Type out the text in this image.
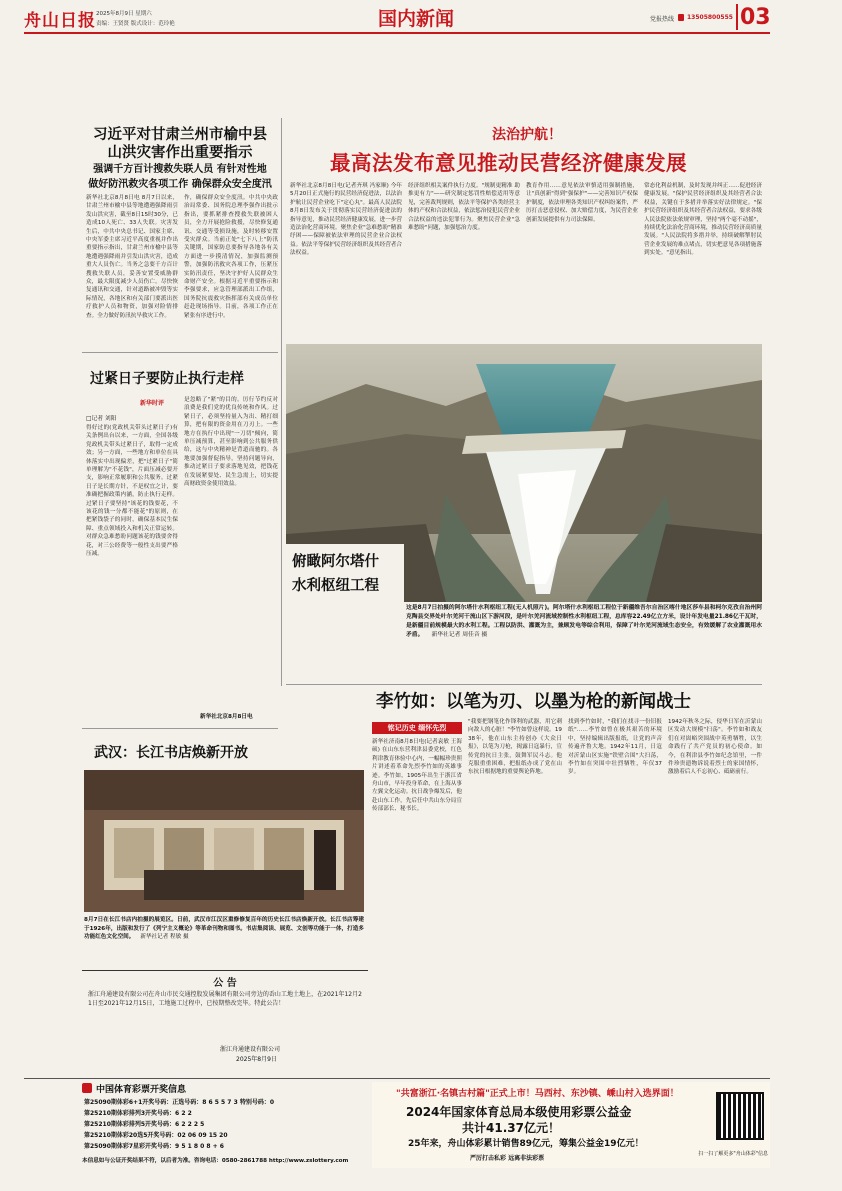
舟山日报 2025年8月9日 星期六
责编：王贤贤 版式设计：范玲艳	国内新闻	党报热线 13505800555 03
习近平对甘肃兰州市榆中县
山洪灾害作出重要指示
强调千方百计搜救失联人员 有针对性地
做好防汛救灾各项工作 确保群众安全度汛
新华社北京8月8日电 8月7日以来，甘肃兰州市榆中县等地遭遇强降雨引发山洪灾害，截至8日15时30分，已造成10人死亡、33人失联。灾害发生后，中共中央总书记、国家主席、中央军委主席习近平高度重视并作出重要指示指出，甘肃兰州市榆中县等地遭遇强降雨并引发山洪灾害，造成重大人员伤亡。当务之急要千方百计搜救失联人员，妥善安置受威胁群众，最大限度减少人员伤亡。尽快恢复通讯和交通，针对道路被冲毁等实际情况，各地区和有关部门要派出医疗救护人员和物资，加强对险情排查。全力做好防汛抗旱救灾工作。
作，确保群众安全度汛。中共中央政治局常委、国务院总理李强作出批示指出，要抓紧排查搜救失联被困人员，全力开展抢险救援，尽快修复通讯、交通等受损设施，及时转移安置受灾群众。当前正处"七下八上"防汛关键期，国家防总要指导各地各有关方面进一步摸清情况，加强监测预警，加强防汛救灾各项工作，压紧压实防汛责任，坚决守护好人民群众生命财产安全。根据习近平重要指示和李强要求，应急管理部派出工作组，国务院抗震救灾指挥部有关成员单位赶赴现场指导。目前，各项工作正在紧张有序进行中。
过紧日子要防止执行走样
新华时评
□记者 刘阳
得好过的(党政机关带头过紧日子)有关条例出台以来，一方面，全国各级党政机关带头过紧日子，取得一定成效；另一方面，一些地方和单位在具体落实中出现偏差，把"过紧日子"简单理解为"不花钱"，片面压减必要开支，影响正常履职和公共服务。过紧日子是长期方针，不是权宜之计，要准确把握政策内涵，防止执行走样。过紧日子要坚持"该花的钱要花，不该花的钱一分都不能花"的原则，在把紧钱袋子的同时，确保基本民生保障、重点领域投入和机关正常运转。对群众急难愁盼问题该花的钱要舍得花，对三公经费等一般性支出要严格压减。
是忽略了"紧"的目的。厉行节约反对浪费是我们党的优良传统和作风。过紧日子，必须坚持量入为出、精打细算，把有限的资金用在刀刃上。一些地方在执行中出现"一刀切"倾向，简单压减预算，甚至影响到公共服务供给，这与中央精神是背道而驰的。各地要加强督促指导，坚持问题导向，推动过紧日子要求落地见效，把钱花在发展紧要处、民生急需上，切实提高财政资金使用效益。
新华社北京8月8日电
法治护航！
最高法发布意见推动民营经济健康发展
新华社北京8月8日电(记者齐琪 冯家顺) 今年5月20日正式施行的民营经济促进法，以法治护航让民营企业吃下"定心丸"。最高人民法院8月8日发布关于贯彻落实民营经济促进法的指导意见，推动民营经济健康发展，进一步营造法治化营商环境。聚焦企业"急难愁盼"精准纾困——保障被依法审理的民营企业合法权益。依法平等保护民营经济组织及其经营者合法权益。
经济组织相关案件执行力度。"规制更精准 助推更有力"——研究制定惩罚性赔偿适用等意见，完善裁判规则，依法平等保护各类经营主体的产权和合法权益，依法惩治侵犯民营企业合法权益的违法犯罪行为。聚焦民营企业"急难愁盼"问题，加强惩治力度。
教育作用……意见依法审慎适用强制措施，让"真创新"得到"强保护"——完善知识产权保护制度，依法审理各类知识产权纠纷案件，严厉打击恶意侵权、加大赔偿力度，为民营企业创新发展提供有力司法保障。
常态化利益机制，及时发现并纠正……促进经济健康发展。"保护民营经济组织及其经营者合法权益，关键在于多措并举落实好法律规定。"保护民营经济组织及其经营者合法权益，要求各级人民法院依法依规审理，坚持"两个毫不动摇"，持续优化法治化营商环境，推动民营经济高质量发展。"人民法院将多措并举，持续破解掣肘民营企业发展的难点堵点，切实把意见各项措施落到实处。"意见指出。
俯瞰阿尔塔什
水利枢纽工程
这是8月7日拍摄的阿尔塔什水利枢纽工程(无人机照片)。阿尔塔什水利枢纽工程位于新疆维吾尔自治区喀什地区莎车县和柯尔克孜自治州阿克陶县交界处叶尔羌河干流山区下游河段，是叶尔羌河流域控制性水利枢纽工程，总库容22.49亿立方米，设计年发电量21.86亿千瓦时，是新疆目前规模最大的水利工程。工程以防洪、灌溉为主，兼顾发电等综合利用，保障了叶尔羌河流域生态安全，有效缓解了农业灌溉用水矛盾。 新华社记者 周佳音 摄
李竹如：以笔为刃、以墨为枪的新闻战士
铭记历史 缅怀先烈
新华社济南8月8日电(记者袁敏 王海硕) 在山东东营利津县委党校，红色利津教育体验中心内，一幅幅珍贵照片讲述着革命先烈李竹如的英雄事迹。李竹如，1905年出生于浙江省舟山市，早年投身革命，在上海从事左翼文化运动。抗日战争爆发后，他赴山东工作，先后任中共山东分局宣传部部长、秘书长。
"我要把钢笔化作锋利的武器，用它刺向敌人的心脏！"李竹如曾这样说。1938年，他在山东主持创办《大众日报》，以笔为刀枪，揭露日寇暴行，宣传党的抗日主张，鼓舞军民斗志。他克服重重困难，把报纸办成了党在山东抗日根据地的重要舆论阵地。
找到李竹如时，"我们在找寻一份旧报纸"……李竹如曾在极其艰苦的环境中，坚持编辑出版报纸，让党的声音传遍齐鲁大地。1942年11月，日寇对沂蒙山区实施"铁壁合围"大扫荡，李竹如在突围中壮烈牺牲，年仅37岁。
1942年秋冬之际，侵华日军在沂蒙山区发动大规模"扫荡"。李竹如和战友们在对崮峪突围战中英勇牺牲，以生命践行了共产党员的初心使命。如今，在利津县李竹如纪念馆里，一件件珍贵遗物诉说着烈士的家国情怀，激励着后人不忘初心、砥砺前行。
武汉：长江书店焕新开放
8月7日在长江书店内拍摄的展览区。日前，武汉市江汉区重修修复百年的历史长江书店焕新开放。长江书店筹建于1926年，出版和发行了《列宁主义概论》等革命刊物和图书。书店集阅读、展览、文创等功能于一体，打造多功能红色文化空间。 新华社记者 程敏 摄
公 告
浙江舟通建设有限公司在舟山市民交通控股发展集团有限公司旁边的岙山工地土地上，在2021年12月21日至2021年12月15日，工地施工过程中，已按期整改完毕。特此公告！
浙江舟通建设有限公司
2025年8月9日
中国体育彩票开奖信息
第25090期体彩6+1开奖号码：正选号码：8 6 5 5 7 3 特别号码：0
第25210期体彩排列3开奖号码：6 2 2
第25210期体彩排列5开奖号码：6 2 2 2 5
第25210期体彩20选5开奖号码：02 06 09 15 20
第25090期体彩7星彩开奖号码：9 5 1 8 0 8 + 6
本信息如与公证开奖结果不符，以后者为准。咨询电话：0580-2861788 http://www.zslottery.com
"共富浙江·名镇古村篇"正式上市！马西村、东沙镇、嵊山村入选界面！
2024年国家体育总局本级使用彩票公益金
共计41.37亿元！
25年来，舟山体彩累计销售89亿元，筹集公益金19亿元！
严厉打击私彩 远离非法彩票
扫一扫了解更多"舟山体彩"信息
